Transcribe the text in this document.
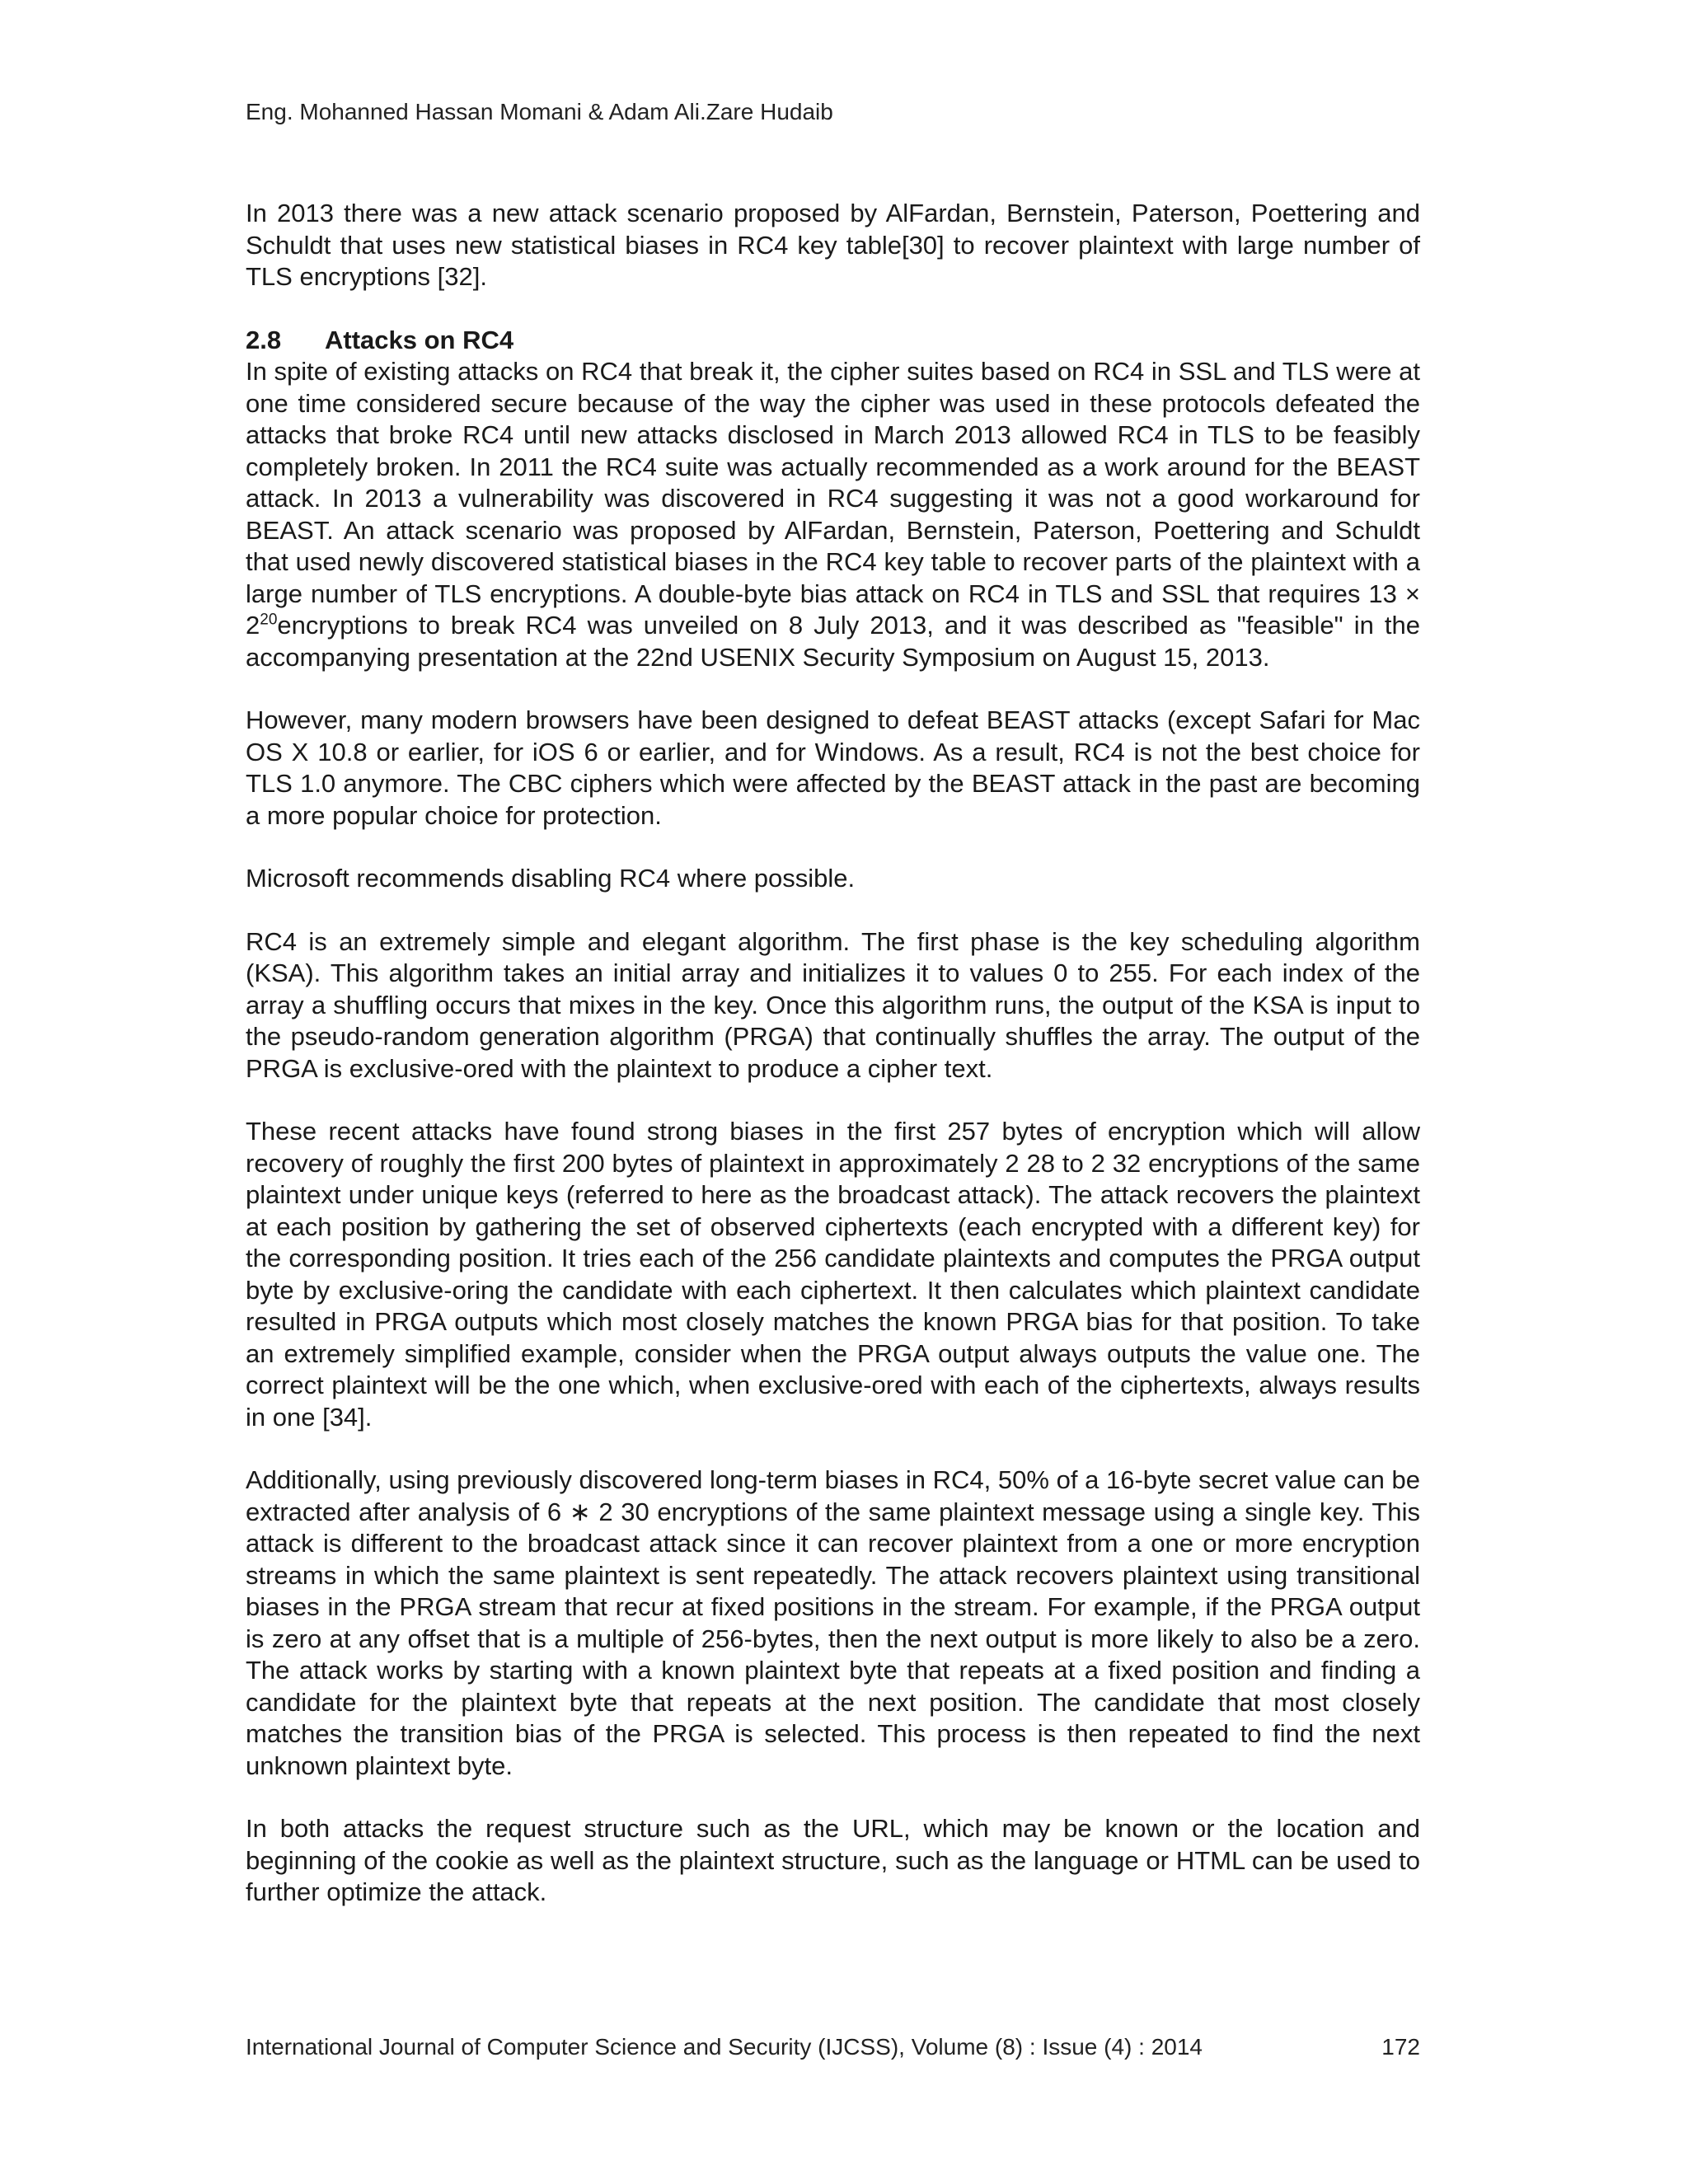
Eng. Mohanned Hassan Momani & Adam Ali.Zare Hudaib

In 2013 there was a new attack scenario proposed by AlFardan, Bernstein, Paterson, Poettering and Schuldt that uses new statistical biases in RC4 key table[30] to recover plaintext with large number of TLS encryptions [32].

2.8 Attacks on RC4

In spite of existing attacks on RC4 that break it, the cipher suites based on RC4 in SSL and TLS were at one time considered secure because of the way the cipher was used in these protocols defeated the attacks that broke RC4 until new attacks disclosed in March 2013 allowed RC4 in TLS to be feasibly completely broken. In 2011 the RC4 suite was actually recommended as a work around for the BEAST attack. In 2013 a vulnerability was discovered in RC4 suggesting it was not a good workaround for BEAST. An attack scenario was proposed by AlFardan, Bernstein, Paterson, Poettering and Schuldt that used newly discovered statistical biases in the RC4 key table to recover parts of the plaintext with a large number of TLS encryptions. A double-byte bias attack on RC4 in TLS and SSL that requires $13 \times 2^{20}encryptions$ to break RC4 was unveiled on 8 July 2013, and it was described as "feasible" in the accompanying presentation at the 22nd USENIX Security Symposium on August 15, 2013.

However, many modern browsers have been designed to defeat BEAST attacks (except Safari for Mac OS X 10.8 or earlier, for iOS 6 or earlier, and for Windows. As a result, RC4 is not the best choice for TLS 1.0 anymore. The CBC ciphers which were affected by the BEAST attack in the past are becoming a more popular choice for protection.

Microsoft recommends disabling RC4 where possible.

RC4 is an extremely simple and elegant algorithm. The first phase is the key scheduling algorithm (KSA). This algorithm takes an initial array and initializes it to values 0 to 255. For each index of the array a shuffling occurs that mixes in the key. Once this algorithm runs, the output of the KSA is input to the pseudo-random generation algorithm (PRGA) that continually shuffles the array. The output of the PRGA is exclusive-ored with the plaintext to produce a cipher text.

These recent attacks have found strong biases in the first 257 bytes of encryption which will allow recovery of roughly the first 200 bytes of plaintext in approximately 2 28 to 2 32 encryptions of the same plaintext under unique keys (referred to here as the broadcast attack). The attack recovers the plaintext at each position by gathering the set of observed ciphertexts (each encrypted with a different key) for the corresponding position. It tries each of the 256 candidate plaintexts and computes the PRGA output byte by exclusive-oring the candidate with each ciphertext. It then calculates which plaintext candidate resulted in PRGA outputs which most closely matches the known PRGA bias for that position. To take an extremely simplified example, consider when the PRGA output always outputs the value one. The correct plaintext will be the one which, when exclusive-ored with each of the ciphertexts, always results in one [34].

Additionally, using previously discovered long-term biases in RC4, 50% of a 16-byte secret value can be extracted after analysis of 6 ∗ 2 30 encryptions of the same plaintext message using a single key. This attack is different to the broadcast attack since it can recover plaintext from a one or more encryption streams in which the same plaintext is sent repeatedly. The attack recovers plaintext using transitional biases in the PRGA stream that recur at fixed positions in the stream. For example, if the PRGA output is zero at any offset that is a multiple of 256-bytes, then the next output is more likely to also be a zero. The attack works by starting with a known plaintext byte that repeats at a fixed position and finding a candidate for the plaintext byte that repeats at the next position. The candidate that most closely matches the transition bias of the PRGA is selected. This process is then repeated to find the next unknown plaintext byte.

In both attacks the request structure such as the URL, which may be known or the location and beginning of the cookie as well as the plaintext structure, such as the language or HTML can be used to further optimize the attack.

International Journal of Computer Science and Security (IJCSS), Volume (8) : Issue (4) : 2014	172
